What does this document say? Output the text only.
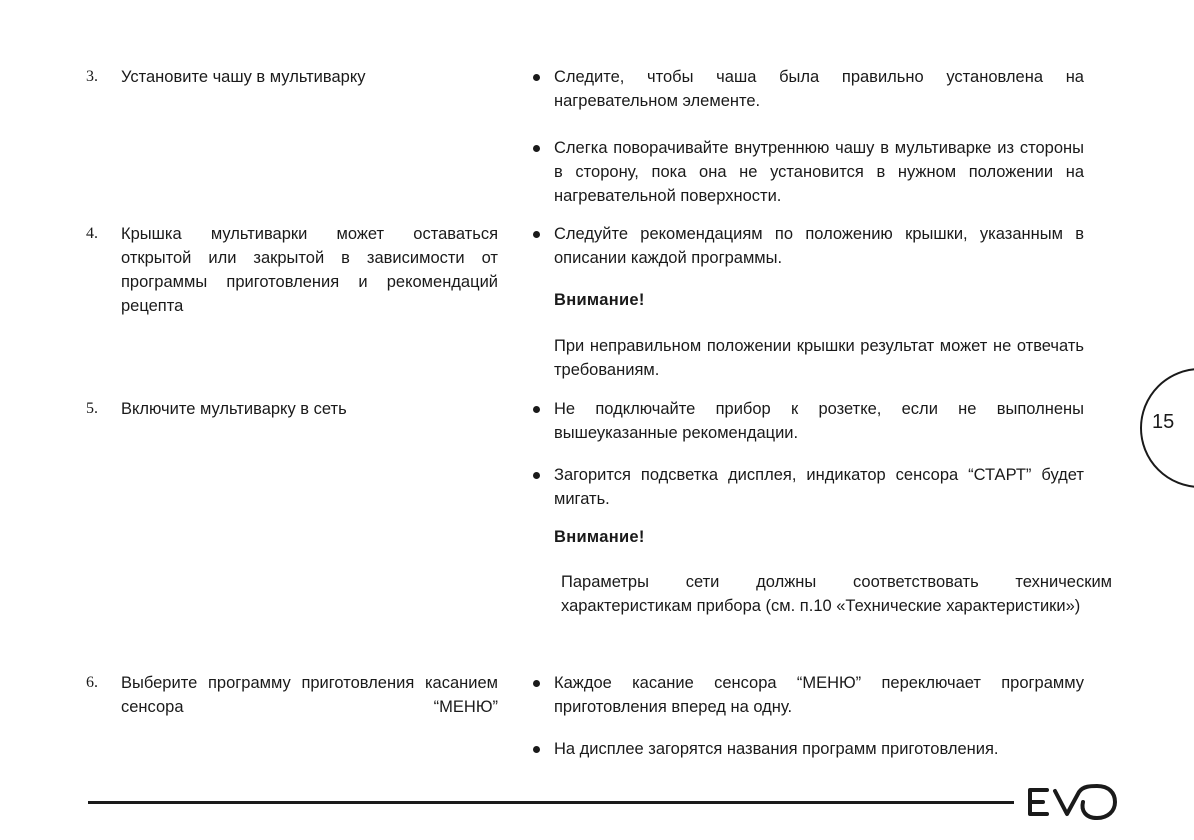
3.	Установите чашу в мультиварку	Следите, чтобы чаша была правильно установлена на нагревательном элементе.
Слегка поворачивайте внутреннюю чашу в мультиварке из стороны в сторону, пока она не установится в нужном положении на нагревательной поверхности.
4.	Крышка мультиварки может оставаться открытой или закрытой в зависимости от программы приготовления и рекомендаций рецепта
Следуйте рекомендациям по положению крышки, указанным в описании каждой программы.
Внимание!
При неправильном положении крышки результат может не отвечать требованиям.
5.	Включите мультиварку в сеть	Не подключайте прибор к розетке, если не выполнены вышеуказанные рекомендации.
Загорится подсветка дисплея, индикатор сенсора “СТАРТ” будет мигать.
Внимание!
Параметры сети должны соответствовать техническим характеристикам прибора (см. п.10 «Технические характеристики»)
6.	Выберите программу приготовления касанием сенсора “МЕНЮ”
Каждое касание сенсора “МЕНЮ” переключает программу приготовления вперед на одну.
На дисплее загорятся названия программ приготовления.
15
